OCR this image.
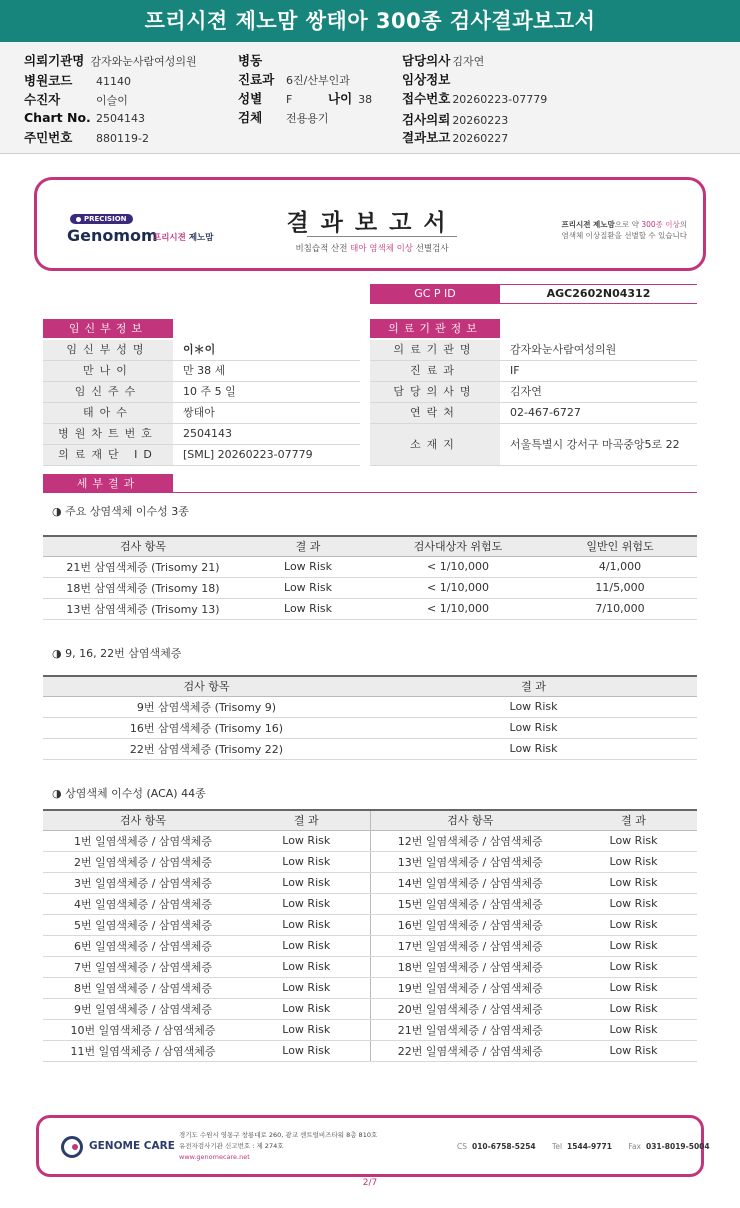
프리시젼 제노맘 쌍태아 300종 검사결과보고서
의뢰기관명 감자와눈사람여성의원
병원코드 41140
수진자	이슬이
Chart No. 2504143
주민번호 880119-2
병동
진료과 6진/산부인과
성별 F	나이 38
검체 전용용기
담당의사 김자연
임상정보
접수번호 20260223-07779
검사의뢰 20260223
결과보고 20260227
PRECISION
Genomom
프리시젼 제노맘
결과보고서
비침습적 산전 태아 염색체 이상 선별검사
프리시젼 제노맘으로 약 300종 이상의
염색체 이상질환을 선별할 수 있습니다
GC P ID	AGC2602N04312
임신부정보	의료기관정보
임신부성명	이＊이
만나이	만 38 세
임신주수	10 주 5 일
태아수	쌍태아
병원차트번호	2504143
의료재단 ID	[SML] 20260223-07779
의료기관명	감자와눈사람여성의원
진료과	IF
담당의사명	김자연
연락처	02-467-6727
소재지	서울특별시 강서구 마곡중앙5로 22
세부결과
◑ 주요 상염색체 이수성 3종
검사 항목	결 과	검사대상자 위험도	일반인 위험도
21번 삼염색체증 (Trisomy 21)	Low Risk	< 1/10,000	4/1,000
18번 삼염색체증 (Trisomy 18)	Low Risk	< 1/10,000	11/5,000
13번 삼염색체증 (Trisomy 13)	Low Risk	< 1/10,000	7/10,000
◑ 9, 16, 22번 삼염색체증
검사 항목	결 과
9번 삼염색체증 (Trisomy 9)	Low Risk
16번 삼염색체증 (Trisomy 16)	Low Risk
22번 삼염색체증 (Trisomy 22)	Low Risk
◑ 상염색체 이수성 (ACA) 44종
검사 항목	결 과	검사 항목	결 과
1번 일염색체증 / 삼염색체증	Low Risk	12번 일염색체증 / 삼염색체증	Low Risk
2번 일염색체증 / 삼염색체증	Low Risk	13번 일염색체증 / 삼염색체증	Low Risk
3번 일염색체증 / 삼염색체증	Low Risk	14번 일염색체증 / 삼염색체증	Low Risk
4번 일염색체증 / 삼염색체증	Low Risk	15번 일염색체증 / 삼염색체증	Low Risk
5번 일염색체증 / 삼염색체증	Low Risk	16번 일염색체증 / 삼염색체증	Low Risk
6번 일염색체증 / 삼염색체증	Low Risk	17번 일염색체증 / 삼염색체증	Low Risk
7번 일염색체증 / 삼염색체증	Low Risk	18번 일염색체증 / 삼염색체증	Low Risk
8번 일염색체증 / 삼염색체증	Low Risk	19번 일염색체증 / 삼염색체증	Low Risk
9번 일염색체증 / 삼염색체증	Low Risk	20번 일염색체증 / 삼염색체증	Low Risk
10번 일염색체증 / 삼염색체증	Low Risk	21번 일염색체증 / 삼염색체증	Low Risk
11번 일염색체증 / 삼염색체증	Low Risk	22번 일염색체증 / 삼염색체증	Low Risk
GENOME CARE
경기도 수원시 영통구 창룡대로 260, 광교 센트럴비즈타워 8층 810호
유전자검사기관 신고번호 : 제 274호
www.genomecare.net
CS 010-6758-5254 Tel 1544-9771 Fax 031-8019-5004
2/7
